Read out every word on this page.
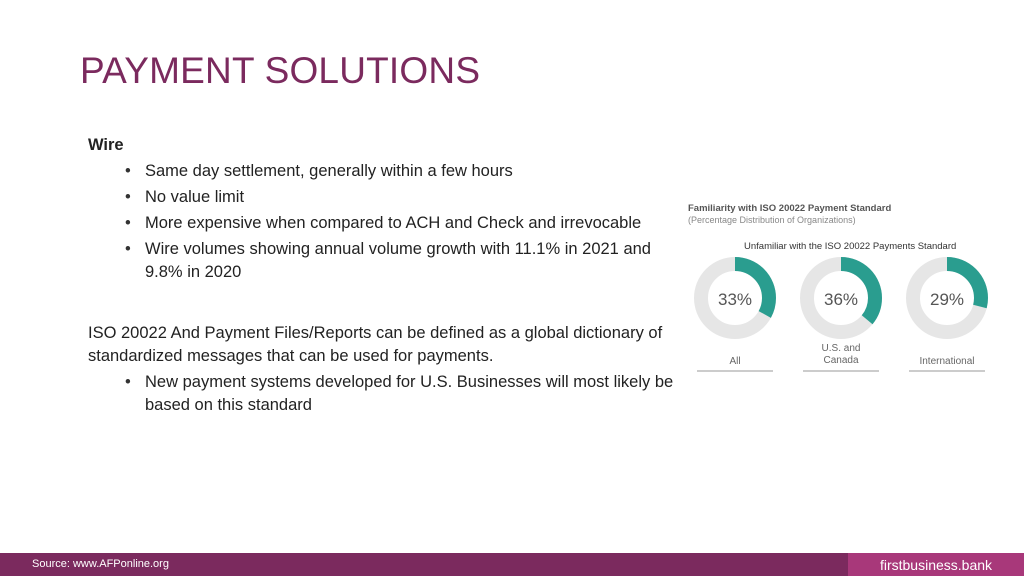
PAYMENT SOLUTIONS
Wire
• Same day settlement, generally within a few hours
• No value limit
• More expensive when compared to ACH and Check and irrevocable
• Wire volumes showing annual volume growth with 11.1% in 2021 and 9.8% in 2020
ISO 20022 And Payment Files/Reports can be defined as a global dictionary of standardized messages that can be used for payments.
• New payment systems developed for U.S. Businesses will most likely be based on this standard
Familiarity with ISO 20022 Payment Standard
(Percentage Distribution of Organizations)
Unfamiliar with the ISO 20022 Payments Standard
33%
All
36%
U.S. and
Canada
29%
International
Source: www.AFPonline.org	firstbusiness.bank
